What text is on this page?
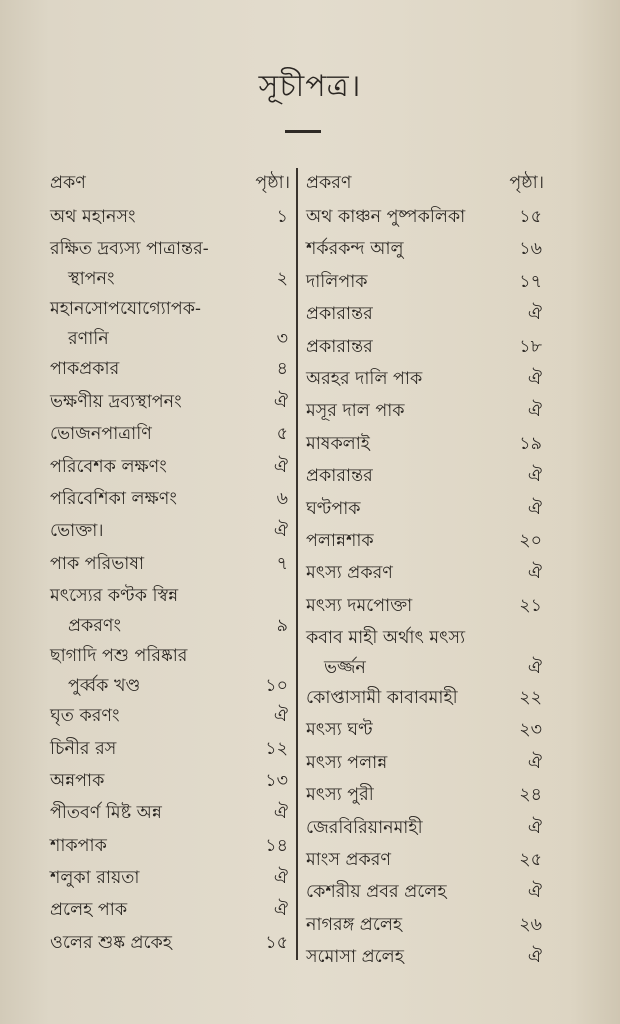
সূচীপত্র।
প্রকণ	পৃষ্ঠা।
অথ মহানসং	১
রক্ষিত দ্রব্যস্য পাত্রান্তর-
স্থাপনং	২
মহানসোপযোগ্যোপক-
রণানি	৩
পাকপ্রকার	৪
ভক্ষণীয় দ্রব্যস্থাপনং	ঐ
ভোজনপাত্রাণি	৫
পরিবেশক লক্ষণং	ঐ
পরিবেশিকা লক্ষণং	৬
ভোক্তা।	ঐ
পাক পরিভাষা	৭
মৎস্যের কণ্টক স্বিন্ন
প্রকরণং	৯
ছাগাদি পশু পরিষ্কার
পুর্ব্বক খণ্ড	১০
ঘৃত করণং	ঐ
চিনীর রস	১২
অন্নপাক	১৩
পীতবর্ণ মিষ্ট অন্ন	ঐ
শাকপাক	১৪
শলুকা রায়তা	ঐ
প্রলেহ পাক	ঐ
ওলের শুষ্ক প্রকেহ	১৫
প্রকরণ	পৃষ্ঠা।
অথ কাঞ্চন পুষ্পকলিকা	১৫
শর্করকন্দ আলু	১৬
দালিপাক	১৭
প্রকারান্তর	ঐ
প্রকারান্তর	১৮
অরহর দালি পাক	ঐ
মসূর দাল পাক	ঐ
মাষকলাই	১৯
প্রকারান্তর	ঐ
ঘণ্টপাক	ঐ
পলান্নশাক	২০
মৎস্য প্রকরণ	ঐ
মৎস্য দমপোক্তা	২১
কবাব মাহী অর্থাৎ মৎস্য
ভর্জ্জন	ঐ
কোপ্তাসামী কাবাবমাহী	২২
মৎস্য ঘণ্ট	২৩
মৎস্য পলান্ন	ঐ
মৎস্য পুরী	২৪
জেরবিরিয়ানমাহী	ঐ
মাংস প্রকরণ	২৫
কেশরীয় প্রবর প্রলেহ	ঐ
নাগরঙ্গ প্রলেহ	২৬
সমোসা প্রলেহ	ঐ
